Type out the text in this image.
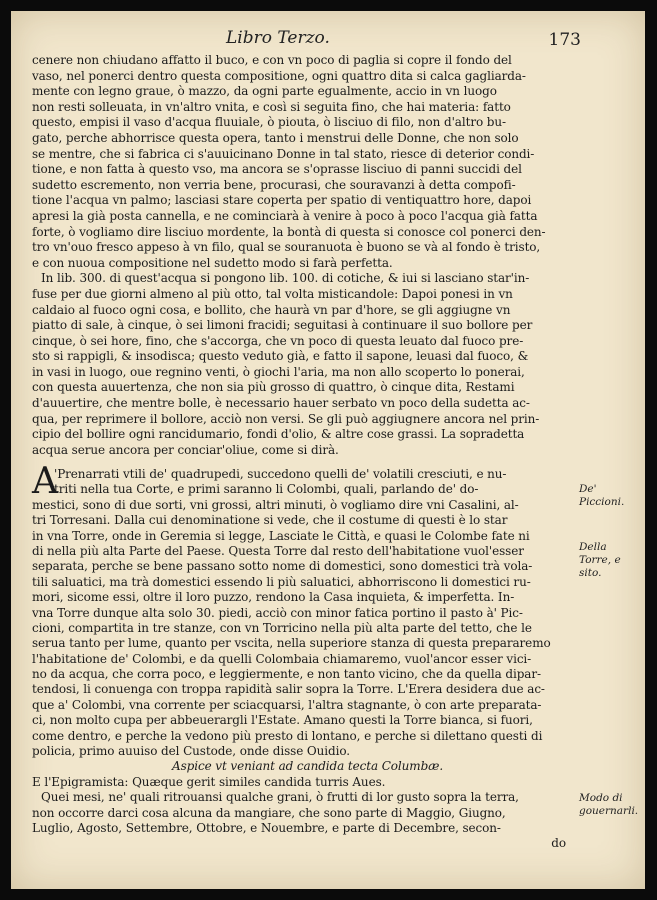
Libro Terzo.	173
cenere non chiudano affatto il buco, e con vn poco di paglia si copre il fondo del
vaso, nel ponerci dentro questa compositione, ogni quattro dita si calca gagliarda-
mente con legno graue, ò mazzo, da ogni parte egualmente, accio in vn luogo
non resti solleuata, in vn'altro vnita, e così si seguita fino, che hai materia: fatto
questo, empisi il vaso d'acqua fluuiale, ò piouta, ò lisciuo di filo, non d'altro bu-
gato, perche abhorrisce questa opera, tanto i menstrui delle Donne, che non solo
se mentre, che si fabrica ci s'auuicinano Donne in tal stato, riesce di deterior condi-
tione, e non fatta à questo vso, ma ancora se s'oprasse lisciuo di panni succidi del
sudetto escremento, non verria bene, procurasi, che souravanzi à detta compofi-
tione l'acqua vn palmo; lasciasi stare coperta per spatio di ventiquattro hore, dapoi
apresi la già posta cannella, e ne cominciarà à venire à poco à poco l'acqua già fatta
forte, ò vogliamo dire lisciuo mordente, la bontà di questa si conosce col ponerci den-
tro vn'ouo fresco appeso à vn filo, qual se souranuota è buono se và al fondo è tristo,
e con nuoua compositione nel sudetto modo si farà perfetta.
In lib. 300. di quest'acqua si pongono lib. 100. di cotiche, & iui si lasciano star'in-
fuse per due giorni almeno al più otto, tal volta misticandole: Dapoi ponesi in vn
caldaio al fuoco ogni cosa, e bollito, che haurà vn par d'hore, se gli aggiugne vn
piatto di sale, à cinque, ò sei limoni fracidi; seguitasi à continuare il suo bollore per
cinque, ò sei hore, fino, che s'accorga, che vn poco di questa leuato dal fuoco pre-
sto si rappigli, & insodisca; questo veduto già, e fatto il sapone, leuasi dal fuoco, &
in vasi in luogo, oue regnino venti, ò giochi l'aria, ma non allo scoperto lo ponerai,
con questa auuertenza, che non sia più grosso di quattro, ò cinque dita, Restami
d'auuertire, che mentre bolle, è necessario hauer serbato vn poco della sudetta ac-
qua, per reprimere il bollore, acciò non versi. Se gli può aggiugnere ancora nel prin-
cipio del bollire ogni rancidumario, fondi d'olio, & altre cose grassi. La sopradetta
acqua serue ancora per conciar'oliue, come si dirà.
A
'Prenarrati vtili de' quadrupedi, succedono quelli de' volatili cresciuti, e nu-
triti nella tua Corte, e primi saranno li Colombi, quali, parlando de' do-
mestici, sono di due sorti, vni grossi, altri minuti, ò vogliamo dire vni Casalini, al-
tri Torresani. Dalla cui denominatione si vede, che il costume di questi è lo star
in vna Torre, onde in Geremia si legge, Lasciate le Città, e quasi le Colombe fate ni
di nella più alta Parte del Paese. Questa Torre dal resto dell'habitatione vuol'esser
separata, perche se bene passano sotto nome di domestici, sono domestici trà vola-
tili saluatici, ma trà domestici essendo li più saluatici, abhorriscono li domestici ru-
mori, sicome essi, oltre il loro puzzo, rendono la Casa inquieta, & imperfetta. In-
vna Torre dunque alta solo 30. piedi, acciò con minor fatica portino il pasto à' Pic-
cioni, compartita in tre stanze, con vn Torricino nella più alta parte del tetto, che le
serua tanto per lume, quanto per vscita, nella superiore stanza di questa prepararemo
l'habitatione de' Colombi, e da quelli Colombaia chiamaremo, vuol'ancor esser vici-
no da acqua, che corra poco, e leggiermente, e non tanto vicino, che da quella dipar-
tendosi, li conuenga con troppa rapidità salir sopra la Torre. L'Erera desidera due ac-
que a' Colombi, vna corrente per sciacquarsi, l'altra stagnante, ò con arte preparata-
ci, non molto cupa per abbeuerargli l'Estate. Amano questi la Torre bianca, si fuori,
come dentro, e perche la vedono più presto di lontano, e perche si dilettano questi di
policia, primo auuiso del Custode, onde disse Ouidio.
Aspice vt veniant ad candida tecta Columbæ.
E l'Epigramista: Quæque gerit similes candida turris Aues.
Quei mesi, ne' quali ritrouansi qualche grani, ò frutti di lor gusto sopra la terra,
non occorre darci cosa alcuna da mangiare, che sono parte di Maggio, Giugno,
Luglio, Agosto, Settembre, Ottobre, e Nouembre, e parte di Decembre, secon-
do

De' Piccioni.

Della Torre, e sito.

Modo di gouernarli.
